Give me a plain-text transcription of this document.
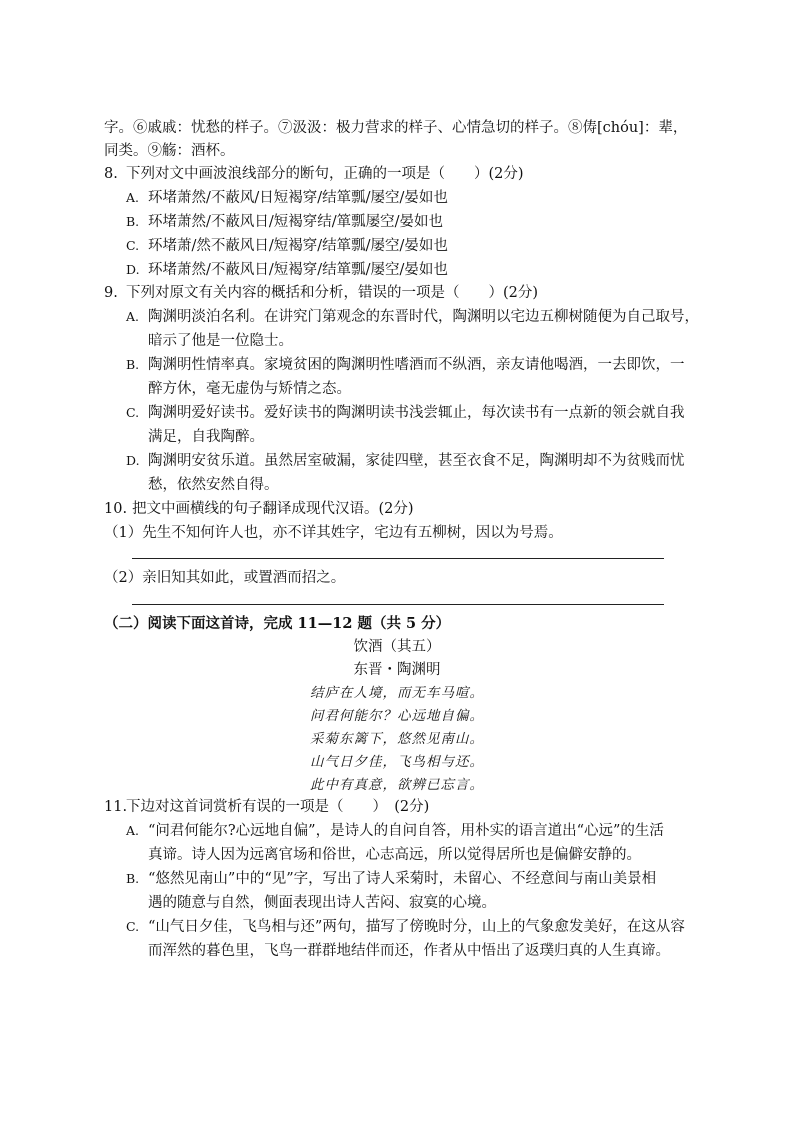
字。⑥戚戚：忧愁的样子。⑦汲汲：极力营求的样子、心情急切的样子。⑧俦[chóu]：辈，
同类。⑨觞：酒杯。
8. 下列对文中画波浪线部分的断句，正确的一项是（　　）(2分)
A. 环堵萧然/不蔽风/日短褐穿/结箪瓢/屡空/晏如也
B. 环堵萧然/不蔽风日/短褐穿结/箪瓢屡空/晏如也
C. 环堵萧/然不蔽风日/短褐穿/结箪瓢/屡空/晏如也
D. 环堵萧然/不蔽风日/短褐穿/结箪瓢/屡空/晏如也
9. 下列对原文有关内容的概括和分析，错误的一项是（　　）(2分)
A. 陶渊明淡泊名利。在讲究门第观念的东晋时代，陶渊明以宅边五柳树随便为自己取号，
暗示了他是一位隐士。
B. 陶渊明性情率真。家境贫困的陶渊明性嗜酒而不纵酒，亲友请他喝酒，一去即饮，一
醉方休，毫无虚伪与矫情之态。
C. 陶渊明爱好读书。爱好读书的陶渊明读书浅尝辄止，每次读书有一点新的领会就自我
满足，自我陶醉。
D. 陶渊明安贫乐道。虽然居室破漏，家徒四壁，甚至衣食不足，陶渊明却不为贫贱而忧
愁，依然安然自得。
10. 把文中画横线的句子翻译成现代汉语。(2分)
（1）先生不知何许人也，亦不详其姓字，宅边有五柳树，因以为号焉。
（2）亲旧知其如此，或置酒而招之。
（二）阅读下面这首诗，完成 11—12 题（共 5 分）
饮酒（其五）
东晋・陶渊明
结庐在人境，而无车马喧。
问君何能尔？心远地自偏。
采菊东篱下，悠然见南山。
山气日夕佳，飞鸟相与还。
此中有真意，欲辨已忘言。
11.
下边对这首词赏析有误的一项是（　　）　(2分)
A. “问君何能尔?心远地自偏”，是诗人的自问自答，用朴实的语言道出“心远”的生活
真谛。诗人因为远离官场和俗世，心志高远，所以觉得居所也是偏僻安静的。
B. “悠然见南山”中的“见”字，写出了诗人采菊时，未留心、不经意间与南山美景相
遇的随意与自然，侧面表现出诗人苦闷、寂寞的心境。
C. “山气日夕佳，飞鸟相与还”两句，描写了傍晚时分，山上的气象愈发美好，在这从容
而浑然的暮色里，飞鸟一群群地结伴而还，作者从中悟出了返璞归真的人生真谛。
